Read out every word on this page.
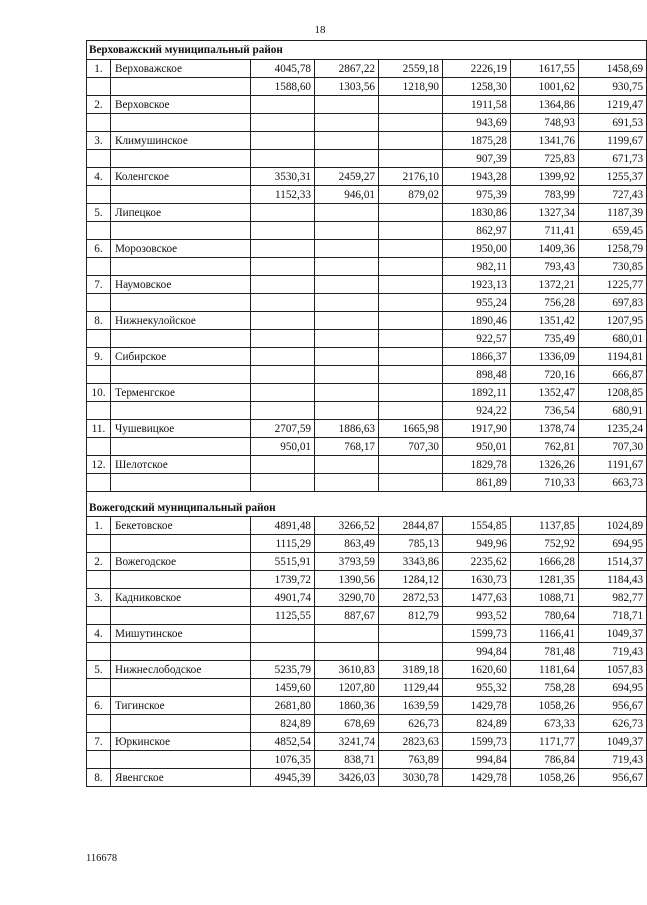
18
Верховажский муниципальный район							
1.	Верховажское	4045,78	2867,22	2559,18	2226,19	1617,55	1458,69
		1588,60	1303,56	1218,90	1258,30	1001,62	930,75
2.	Верховское				1911,58	1364,86	1219,47
					943,69	748,93	691,53
3.	Климушинское				1875,28	1341,76	1199,67
					907,39	725,83	671,73
4.	Коленгское	3530,31	2459,27	2176,10	1943,28	1399,92	1255,37
		1152,33	946,01	879,02	975,39	783,99	727,43
5.	Липецкое				1830,86	1327,34	1187,39
					862,97	711,41	659,45
6.	Морозовское				1950,00	1409,36	1258,79
					982,11	793,43	730,85
7.	Наумовское				1923,13	1372,21	1225,77
					955,24	756,28	697,83
8.	Нижнекулойское				1890,46	1351,42	1207,95
					922,57	735,49	680,01
9.	Сибирское				1866,37	1336,09	1194,81
					898,48	720,16	666,87
10.	Терменгское				1892,11	1352,47	1208,85
					924,22	736,54	680,91
11.	Чушевицкое	2707,59	1886,63	1665,98	1917,90	1378,74	1235,24
		950,01	768,17	707,30	950,01	762,81	707,30
12.	Шелотское				1829,78	1326,26	1191,67
					861,89	710,33	663,73
Вожегодский муниципальный район							
1.	Бекетовское	4891,48	3266,52	2844,87	1554,85	1137,85	1024,89
		1115,29	863,49	785,13	949,96	752,92	694,95
2.	Вожегодское	5515,91	3793,59	3343,86	2235,62	1666,28	1514,37
		1739,72	1390,56	1284,12	1630,73	1281,35	1184,43
3.	Кадниковское	4901,74	3290,70	2872,53	1477,63	1088,71	982,77
		1125,55	887,67	812,79	993,52	780,64	718,71
4.	Мишутинское				1599,73	1166,41	1049,37
					994,84	781,48	719,43
5.	Нижнеслободское	5235,79	3610,83	3189,18	1620,60	1181,64	1057,83
		1459,60	1207,80	1129,44	955,32	758,28	694,95
6.	Тигинское	2681,80	1860,36	1639,59	1429,78	1058,26	956,67
		824,89	678,69	626,73	824,89	673,33	626,73
7.	Юркинское	4852,54	3241,74	2823,63	1599,73	1171,77	1049,37
		1076,35	838,71	763,89	994,84	786,84	719,43
8.	Явенгское	4945,39	3426,03	3030,78	1429,78	1058,26	956,67
116678
